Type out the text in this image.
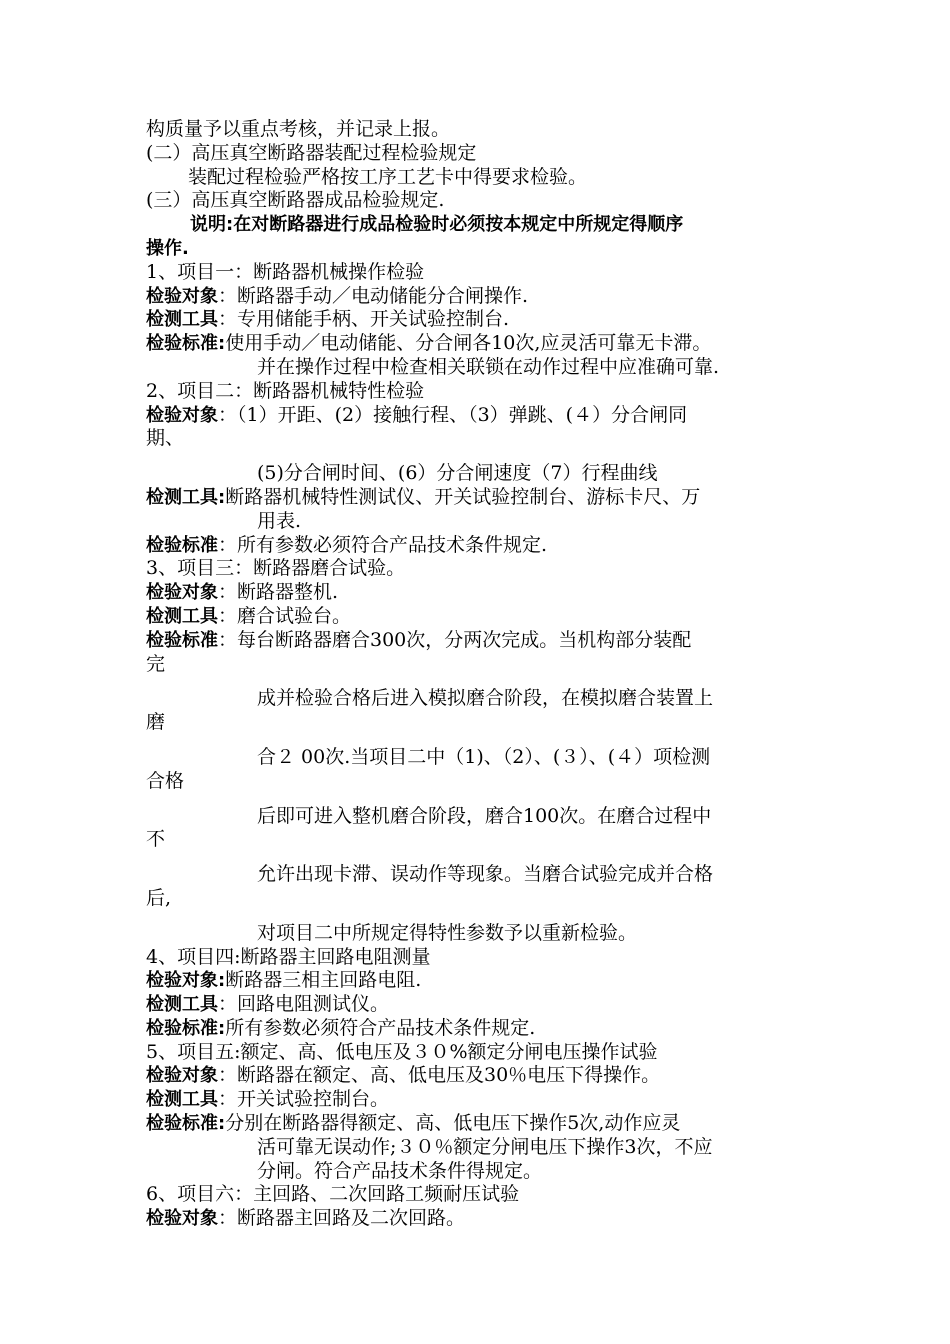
构质量予以重点考核，并记录上报。
(二）高压真空断路器装配过程检验规定
装配过程检验严格按工序工艺卡中得要求检验。
(三）高压真空断路器成品检验规定.
说明:在对断路器进行成品检验时必须按本规定中所规定得顺序
操作.
1、项目一：断路器机械操作检验
检验对象：断路器手动／电动储能分合闸操作.
检测工具：专用储能手柄、开关试验控制台.
检验标准:使用手动／电动储能、分合闸各10次,应灵活可靠无卡滞。
并在操作过程中检查相关联锁在动作过程中应准确可靠.
2、项目二：断路器机械特性检验
检验对象：（1）开距、(2）接触行程、（3）弹跳、(４）分合闸同
期、
(5)分合闸时间、(6）分合闸速度（7）行程曲线
检测工具:断路器机械特性测试仪、开关试验控制台、游标卡尺、万
用表.
检验标准：所有参数必须符合产品技术条件规定.
3、项目三：断路器磨合试验。
检验对象：断路器整机.
检测工具：磨合试验台。
检验标准：每台断路器磨合300次，分两次完成。当机构部分装配
完
成并检验合格后进入模拟磨合阶段，在模拟磨合装置上
磨
合２ 00次.当项目二中（1)、（2）、(３）、(４）项检测
合格
后即可进入整机磨合阶段，磨合100次。在磨合过程中
不
允许出现卡滞、误动作等现象。当磨合试验完成并合格
后,
对项目二中所规定得特性参数予以重新检验。
4、项目四:断路器主回路电阻测量
检验对象:断路器三相主回路电阻.
检测工具：回路电阻测试仪。
检验标准:所有参数必须符合产品技术条件规定.
5、项目五:额定、高、低电压及３０%额定分闸电压操作试验
检验对象：断路器在额定、高、低电压及30％电压下得操作。
检测工具：开关试验控制台。
检验标准:分别在断路器得额定、高、低电压下操作5次,动作应灵
活可靠无误动作;３０％额定分闸电压下操作3次，不应
分闸。符合产品技术条件得规定。
6、项目六：主回路、二次回路工频耐压试验
检验对象：断路器主回路及二次回路。
